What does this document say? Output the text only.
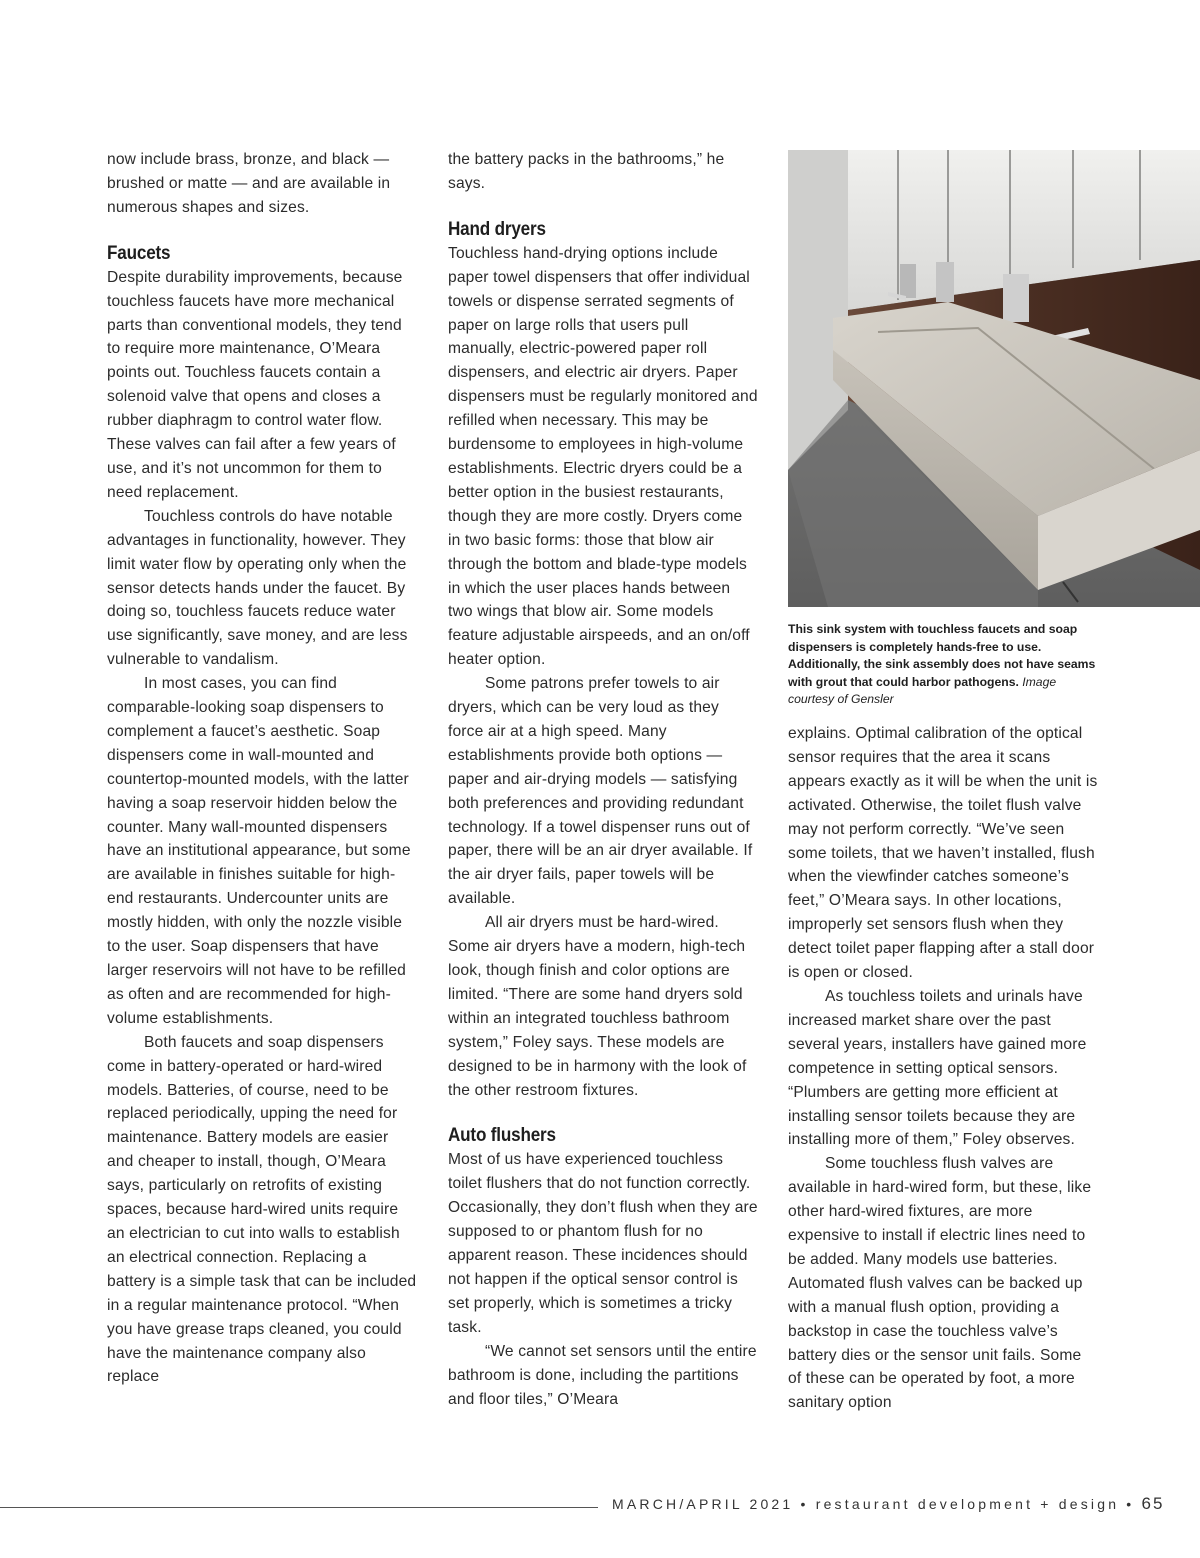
now include brass, bronze, and black — brushed or matte — and are available in numerous shapes and sizes.

Faucets

Despite durability improvements, because touchless faucets have more mechanical parts than conventional models, they tend to require more maintenance, O’Meara points out. Touchless faucets contain a solenoid valve that opens and closes a rubber diaphragm to control water flow. These valves can fail after a few years of use, and it’s not uncommon for them to need replacement.

Touchless controls do have notable advantages in functionality, however. They limit water flow by operating only when the sensor detects hands under the faucet. By doing so, touchless faucets reduce water use significantly, save money, and are less vulnerable to vandalism.

In most cases, you can find comparable-looking soap dispensers to complement a faucet’s aesthetic. Soap dispensers come in wall-mounted and countertop-mounted models, with the latter having a soap reservoir hidden below the counter. Many wall-mounted dispensers have an institutional appearance, but some are available in finishes suitable for high-end restaurants. Undercounter units are mostly hidden, with only the nozzle visible to the user. Soap dispensers that have larger reservoirs will not have to be refilled as often and are recommended for high-volume establishments.

Both faucets and soap dispensers come in battery-operated or hard-wired models. Batteries, of course, need to be replaced periodically, upping the need for maintenance. Battery models are easier and cheaper to install, though, O’Meara says, particularly on retrofits of existing spaces, because hard-wired units require an electrician to cut into walls to establish an electrical connection. Replacing a battery is a simple task that can be included in a regular maintenance protocol. “When you have grease traps cleaned, you could have the maintenance company also replace

the battery packs in the bathrooms,” he says.

Hand dryers

Touchless hand-drying options include paper towel dispensers that offer individual towels or dispense serrated segments of paper on large rolls that users pull manually, electric-powered paper roll dispensers, and electric air dryers. Paper dispensers must be regularly monitored and refilled when necessary. This may be burdensome to employees in high-volume establishments. Electric dryers could be a better option in the busiest restaurants, though they are more costly. Dryers come in two basic forms: those that blow air through the bottom and blade-type models in which the user places hands between two wings that blow air. Some models feature adjustable airspeeds, and an on/off heater option.

Some patrons prefer towels to air dryers, which can be very loud as they force air at a high speed. Many establishments provide both options — paper and air-drying models — satisfying both preferences and providing redundant technology. If a towel dispenser runs out of paper, there will be an air dryer available. If the air dryer fails, paper towels will be available.

All air dryers must be hard-wired. Some air dryers have a modern, high-tech look, though finish and color options are limited. “There are some hand dryers sold within an integrated touchless bathroom system,” Foley says. These models are designed to be in harmony with the look of the other restroom fixtures.

Auto flushers

Most of us have experienced touchless toilet flushers that do not function correctly. Occasionally, they don’t flush when they are supposed to or phantom flush for no apparent reason. These incidences should not happen if the optical sensor control is set properly, which is sometimes a tricky task.

“We cannot set sensors until the entire bathroom is done, including the partitions and floor tiles,” O’Meara

This sink system with touchless faucets and soap dispensers is completely hands-free to use. Additionally, the sink assembly does not have seams with grout that could harbor pathogens. Image courtesy of Gensler

explains. Optimal calibration of the optical sensor requires that the area it scans appears exactly as it will be when the unit is activated. Otherwise, the toilet flush valve may not perform correctly. “We’ve seen some toilets, that we haven’t installed, flush when the viewfinder catches someone’s feet,” O’Meara says. In other locations, improperly set sensors flush when they detect toilet paper flapping after a stall door is open or closed.

As touchless toilets and urinals have increased market share over the past several years, installers have gained more competence in setting optical sensors. “Plumbers are getting more efficient at installing sensor toilets because they are installing more of them,” Foley observes.

Some touchless flush valves are available in hard-wired form, but these, like other hard-wired fixtures, are more expensive to install if electric lines need to be added. Many models use batteries. Automated flush valves can be backed up with a manual flush option, providing a backstop in case the touchless valve’s battery dies or the sensor unit fails. Some of these can be operated by foot, a more sanitary option

MARCH/APRIL 2021 • restaurant development + design • 65
